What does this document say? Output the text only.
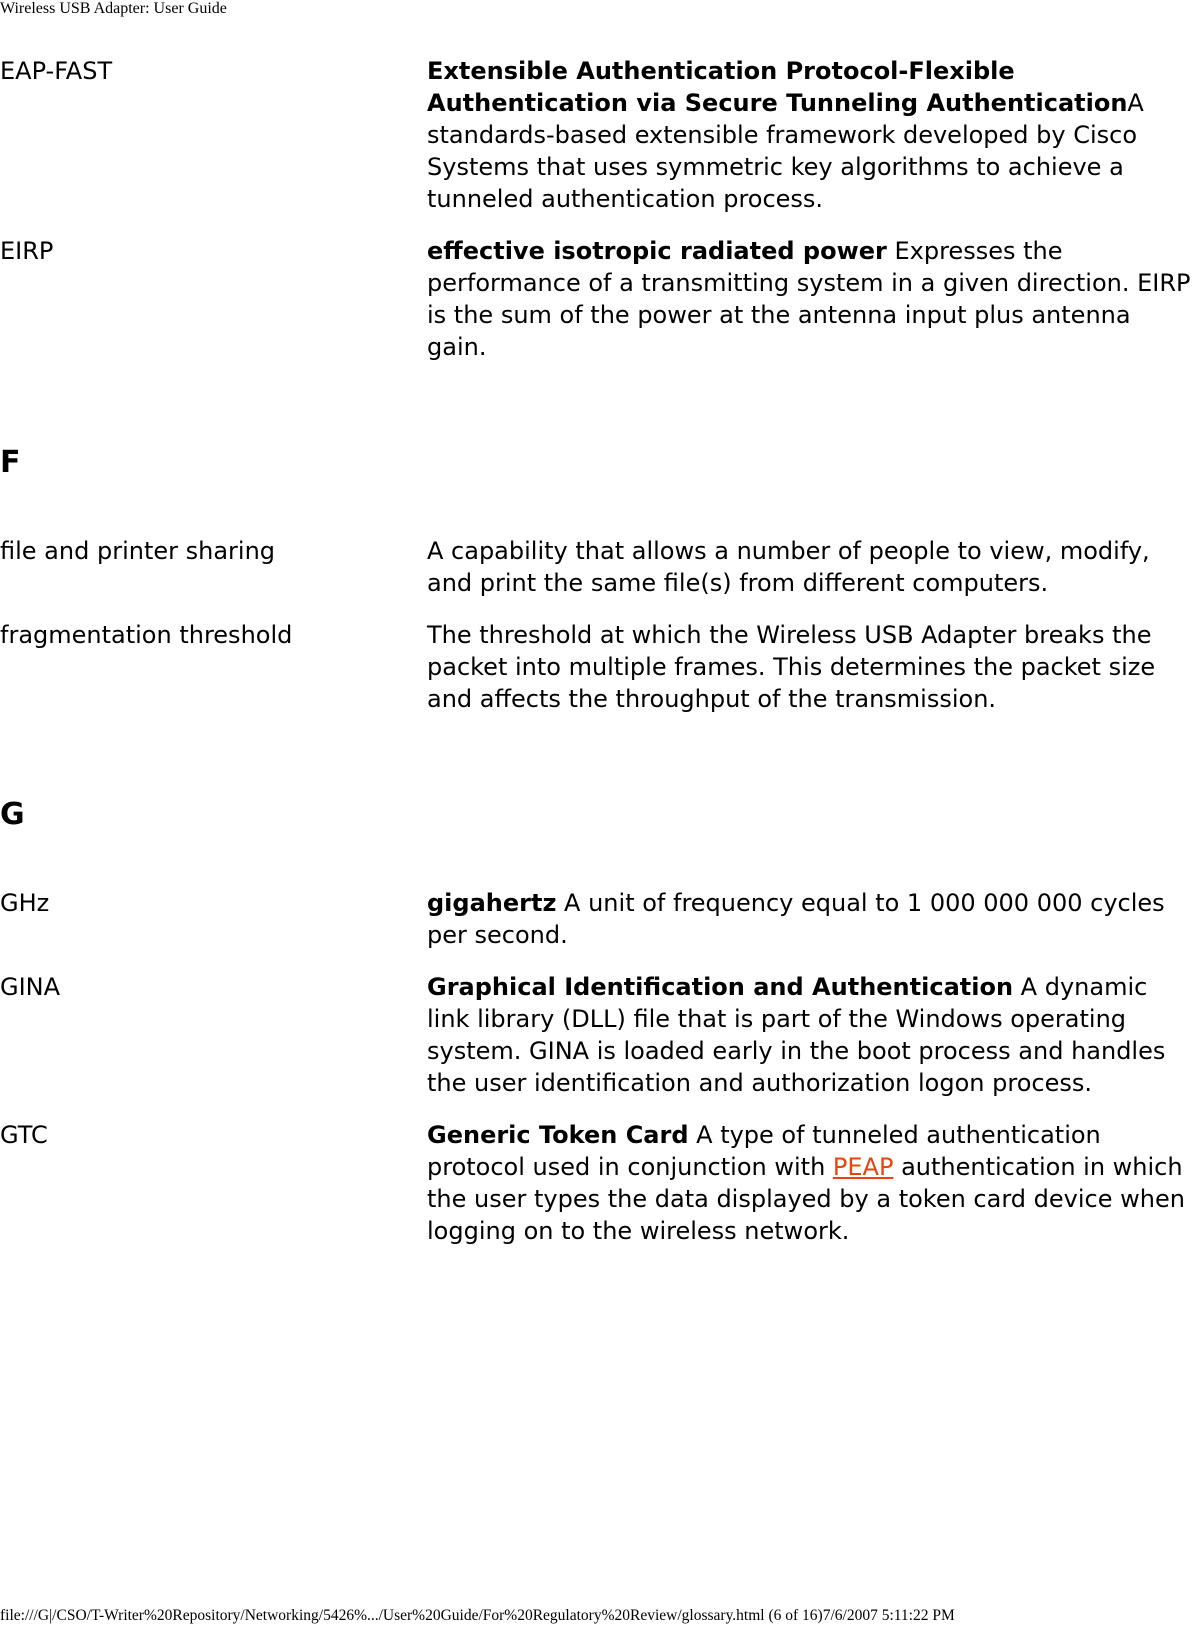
Wireless USB Adapter: User Guide
EAP-FAST	Extensible Authentication Protocol-Flexible Authentication via Secure Tunneling AuthenticationA standards-based extensible framework developed by Cisco Systems that uses symmetric key algorithms to achieve a tunneled authentication process.
EIRP	effective isotropic radiated power Expresses the performance of a transmitting system in a given direction. EIRP is the sum of the power at the antenna input plus antenna gain.
F
file and printer sharing	A capability that allows a number of people to view, modify, and print the same file(s) from different computers.
fragmentation threshold	The threshold at which the Wireless USB Adapter breaks the packet into multiple frames. This determines the packet size and affects the throughput of the transmission.
G
GHz	gigahertz A unit of frequency equal to 1 000 000 000 cycles per second.
GINA	Graphical Identification and Authentication A dynamic link library (DLL) file that is part of the Windows operating system. GINA is loaded early in the boot process and handles the user identification and authorization logon process.
GTC	Generic Token Card A type of tunneled authentication protocol used in conjunction with PEAP authentication in which the user types the data displayed by a token card device when logging on to the wireless network.
file:///G|/CSO/T-Writer%20Repository/Networking/5426%.../User%20Guide/For%20Regulatory%20Review/glossary.html (6 of 16)7/6/2007 5:11:22 PM
